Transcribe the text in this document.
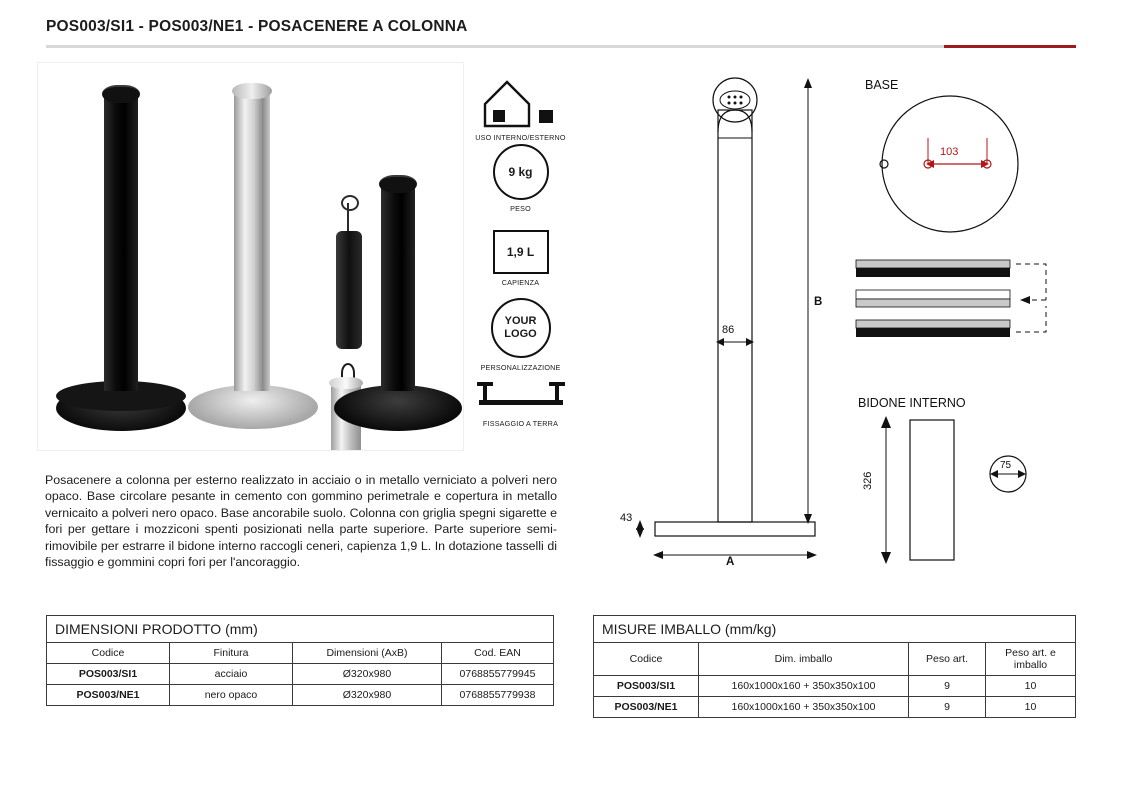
POS003/SI1 - POS003/NE1 - POSACENERE A COLONNA
USO INTERNO/ESTERNO
9 kg
PESO
1,9 L
CAPIENZA
YOUR
LOGO
PERSONALIZZAZIONE
FISSAGGIO A TERRA
Posacenere a colonna per esterno realizzato in acciaio o in metallo verniciato a polveri nero opaco. Base circolare pesante in cemento con gommino perimetrale e copertura in metallo vernicaito a polveri nero opaco. Base ancorabile suolo. Colonna con griglia spegni sigarette e fori per gettare i mozziconi spenti posizionati nella parte superiore. Parte superiore semi-rimovibile per estrarre il bidone interno raccogli ceneri, capienza 1,9 L. In dotazione tasselli di fissaggio e gommini copri fori per l'ancoraggio.
DIMENSIONI PRODOTTO (mm)			
Codice	Finitura	Dimensioni (AxB)	Cod. EAN
POS003/SI1	acciaio	Ø320x980	0768855779945
POS003/NE1	nero opaco	Ø320x980	0768855779938
MISURE IMBALLO (mm/kg)			
Codice	Dim. imballo	Peso art.	Peso art. e imballo
POS003/SI1	160x1000x160 + 350x350x100	9	10
POS003/NE1	160x1000x160 + 350x350x100	9	10
86
B
A
43
BASE
103
BIDONE INTERNO
326
75
